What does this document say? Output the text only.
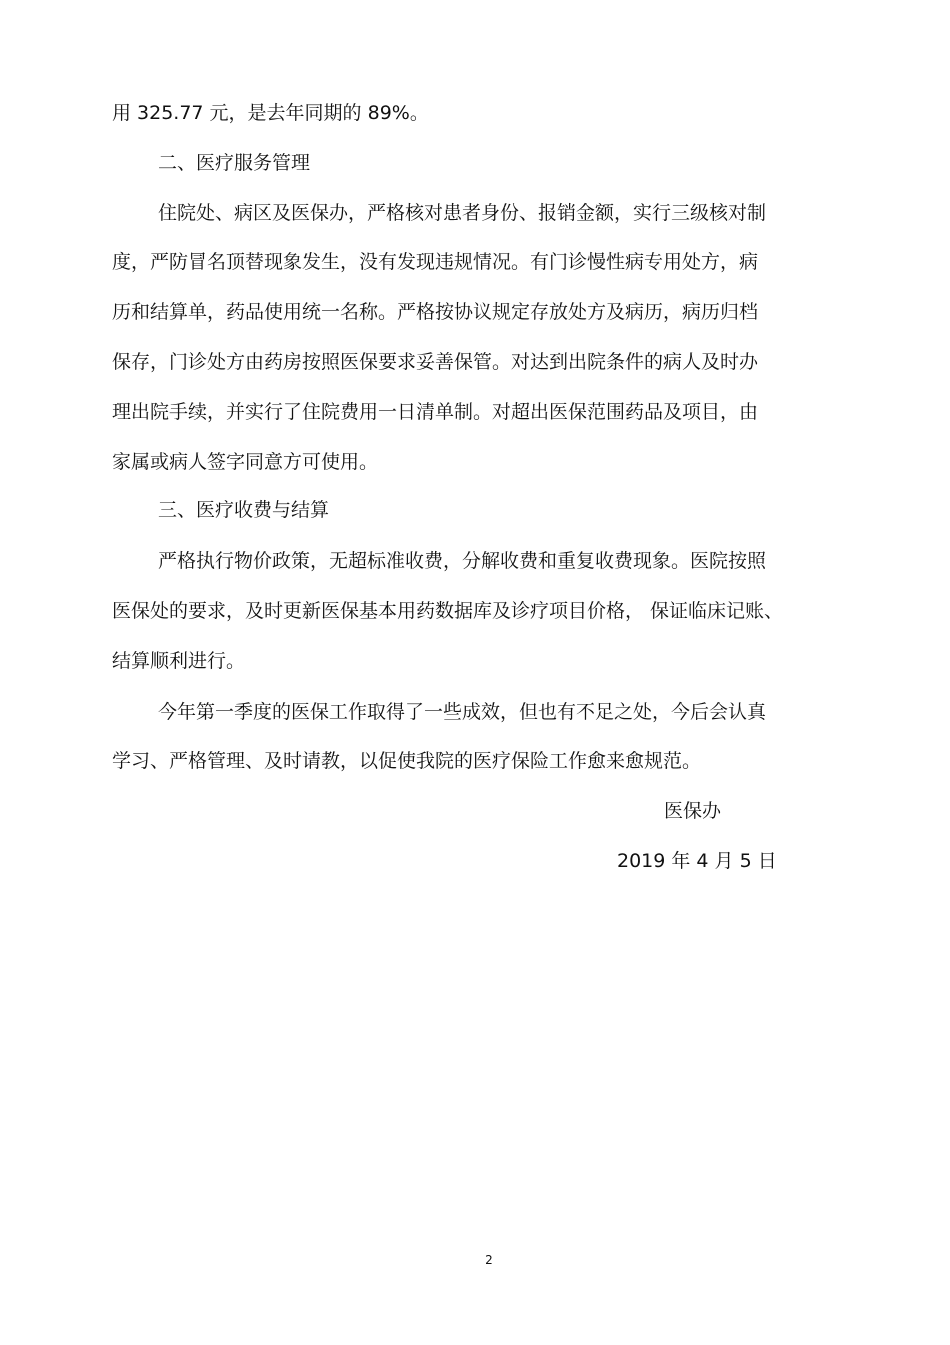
用 325.77 元，是去年同期的 89%。

二、医疗服务管理

住院处、病区及医保办，严格核对患者身份、报销金额，实行三级核对制

度，严防冒名顶替现象发生，没有发现违规情况。有门诊慢性病专用处方，病

历和结算单，药品使用统一名称。严格按协议规定存放处方及病历，病历归档

保存，门诊处方由药房按照医保要求妥善保管。对达到出院条件的病人及时办

理出院手续，并实行了住院费用一日清单制。对超出医保范围药品及项目，由

家属或病人签字同意方可使用。

三、医疗收费与结算

严格执行物价政策，无超标准收费，分解收费和重复收费现象。医院按照

医保处的要求，及时更新医保基本用药数据库及诊疗项目价格， 保证临床记账、

结算顺利进行。

今年第一季度的医保工作取得了一些成效，但也有不足之处，今后会认真

学习、严格管理、及时请教，以促使我院的医疗保险工作愈来愈规范。

医保办
2019 年 4 月 5 日
2
